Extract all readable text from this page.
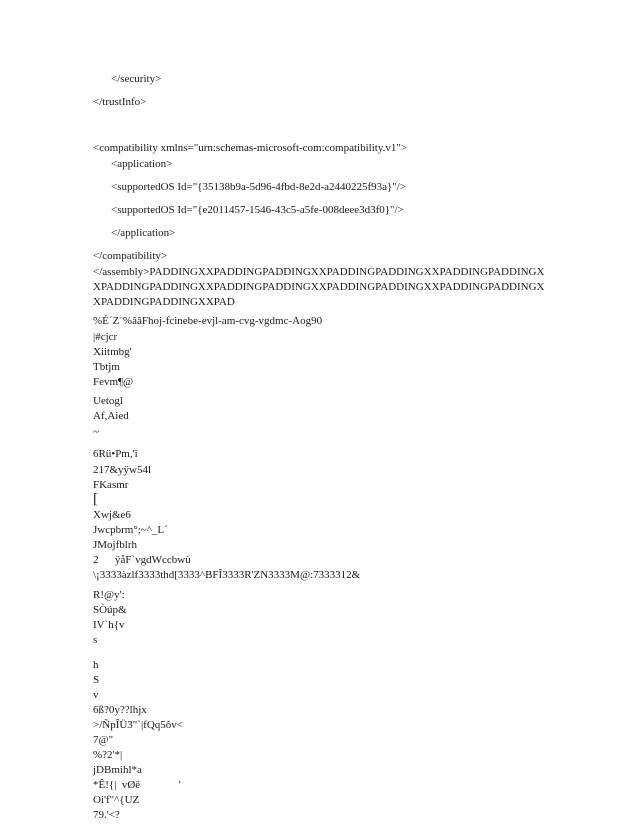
</security>
</trustInfo>
<compatibility xmlns="urn:schemas-microsoft-com:compatibility.v1">
<application>
<supportedOS Id="{35138b9a-5d96-4fbd-8e2d-a2440225f93a}"/>
<supportedOS Id="{e2011457-1546-43c5-a5fe-008deee3d3f0}"/>
</application>
</compatibility>
</assembly>PADDINGXXPADDINGPADDINGXXPADDINGPADDINGXXPADDINGPADDINGXXPADDINGPADDINGXXPADDINGPADDINGXXPADDINGPADDINGXXPADDINGPADDINGXXPADDINGPADDINGXXPAD
%É´Z¨%ââFhoj-fcinebe-evjl-am-cvg-vgdmc-Aog90
|#cjcr
Xiitmbg'
Tbtjm
Fevm¶@
Uetogl
Af,Aied
~
6Rü•Pm,'i
217&yÿw54l
FKasmr
[
Xwj&e6
Jwcpbrm°;~^_L´
JMojfblrh
2      ÿåF`vgdWccbwù
\¡3333àzlf3333thd[3333^BFÎ3333R'ZN3333M@:7333312&
R!@y':
SÒúp&
IV`h{v
s
h
S
v
6ß?0y??lhjx
>/ÑpÎÜ3"`|fQq5ôv<
7@"
%?2'*|
jDBmihl*a
*Ê!{|  vØë              '
Oi'f"^{UZ
79.'<?
